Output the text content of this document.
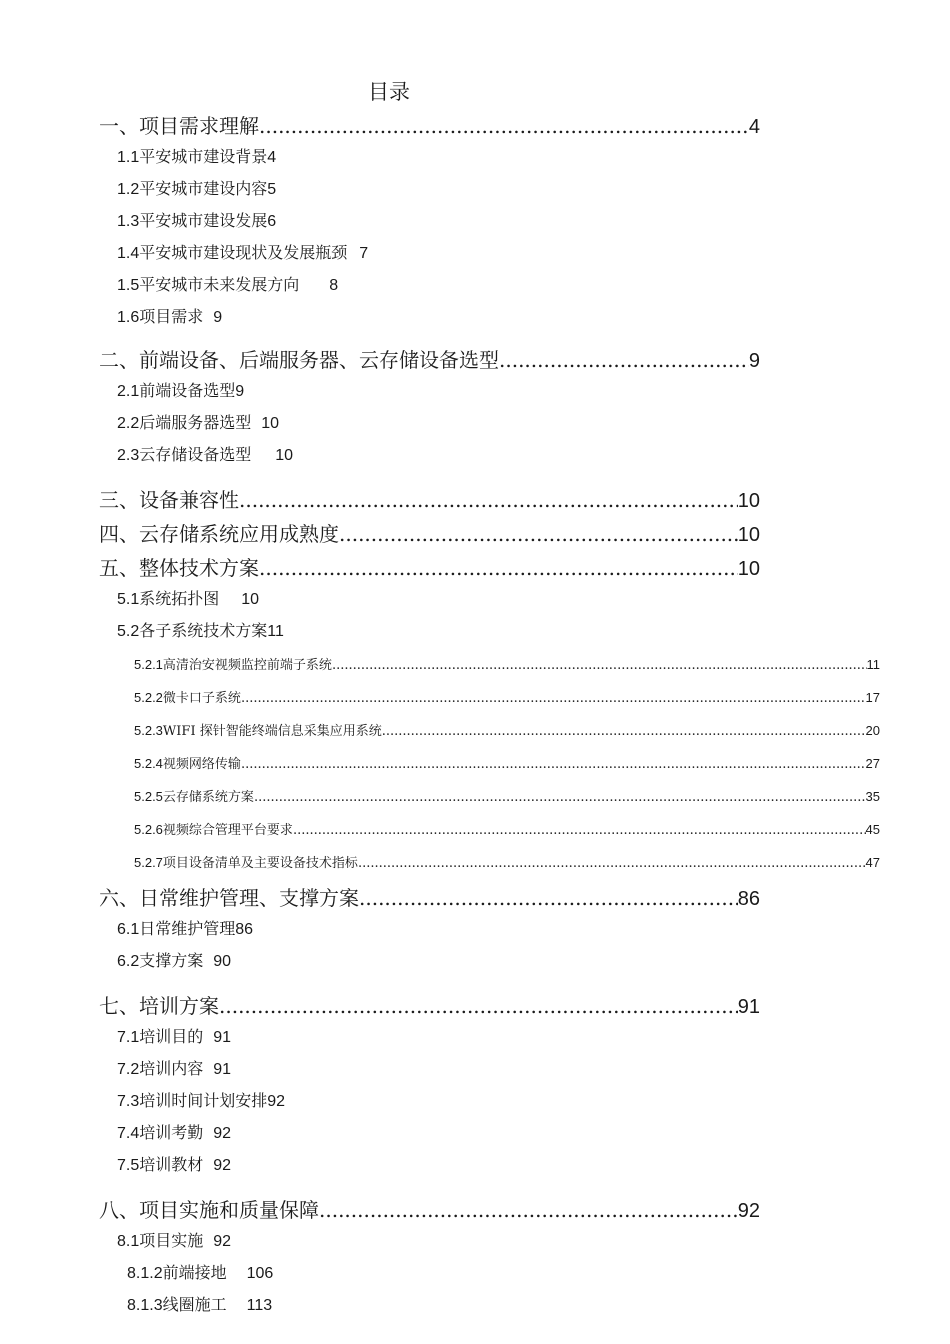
目录
一、项目需求理解 .....	4
1.1平安城市建设背景4
1.2平安城市建设内容5
1.3平安城市建设发展6
1.4平安城市建设现状及发展瓶颈 7
1.5平安城市未来发展方向 8
1.6项目需求 9
二、前端设备、后端服务器、云存储设备选型 .....	9
2.1前端设备选型9
2.2后端服务器选型 10
2.3云存储设备选型 10
三、设备兼容性 .....	10
四、云存储系统应用成熟度 .....	10
五、整体技术方案 .....	10
5.1系统拓扑图 10
5.2各子系统技术方案11
5.2.1 高清治安视频监控前端子系统 .....	11
5.2.2 微卡口子系统 .....	17
5.2.3 WIFI 探针智能终端信息采集应用系统 .....	20
5.2.4 视频网络传输 .....	27
5.2.5 云存储系统方案 .....	35
5.2.6 视频综合管理平台要求 .....	45
5.2.7 项目设备清单及主要设备技术指标 .....	47
六、日常维护管理、支撑方案 .....	86
6.1日常维护管理86
6.2支撑方案 90
七、培训方案 .....	91
7.1培训目的 91
7.2培训内容 91
7.3培训时间计划安排92
7.4培训考勤 92
7.5培训教材 92
八、项目实施和质量保障 .....	92
8.1项目实施 92
8.1.2前端接地 106
8.1.3线圈施工 113
